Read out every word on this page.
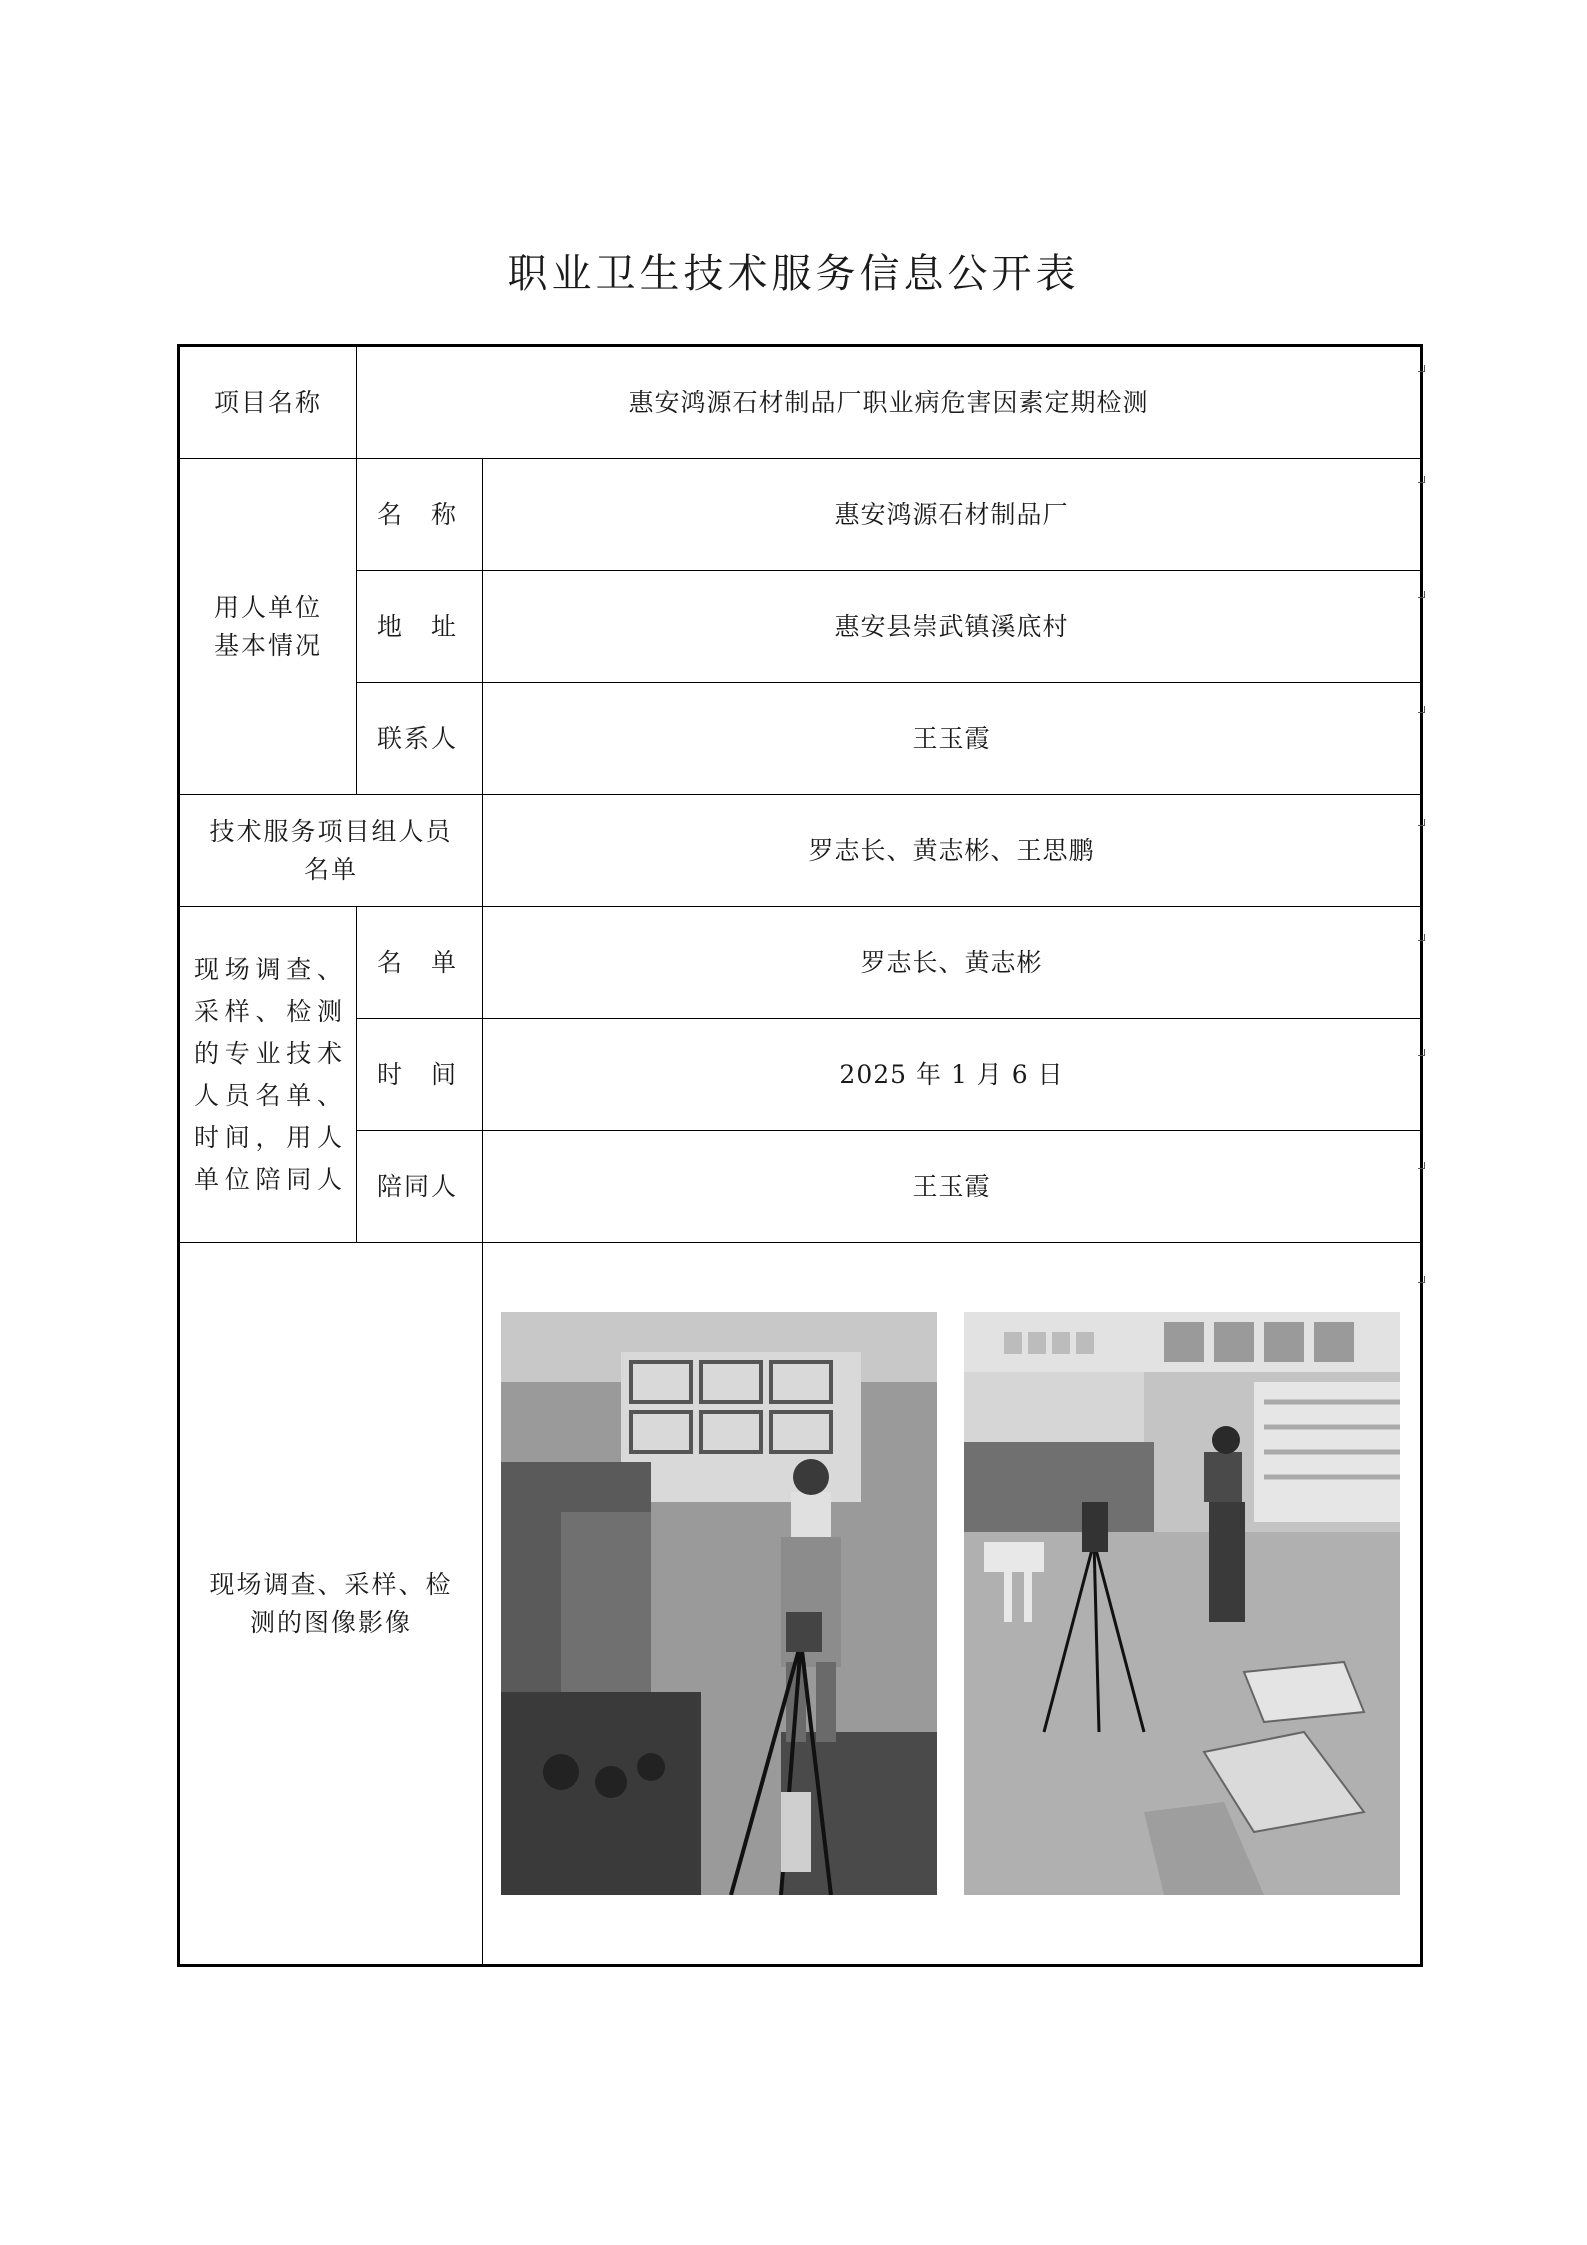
职业卫生技术服务信息公开表
项目名称	惠安鸿源石材制品厂职业病危害因素定期检测	
用人单位基本情况	名　称	惠安鸿源石材制品厂
	地　址	惠安县崇武镇溪底村
	联系人	王玉霞
技术服务项目组人员名单		罗志长、黄志彬、王思鹏
现场调查、采样、检测的专业技术人员名单、时间，用人单位陪同人	名　单	罗志长、黄志彬
	时　间	2025 年 1 月 6 日
	陪同人	王玉霞
现场调查、采样、检测的图像影像	
